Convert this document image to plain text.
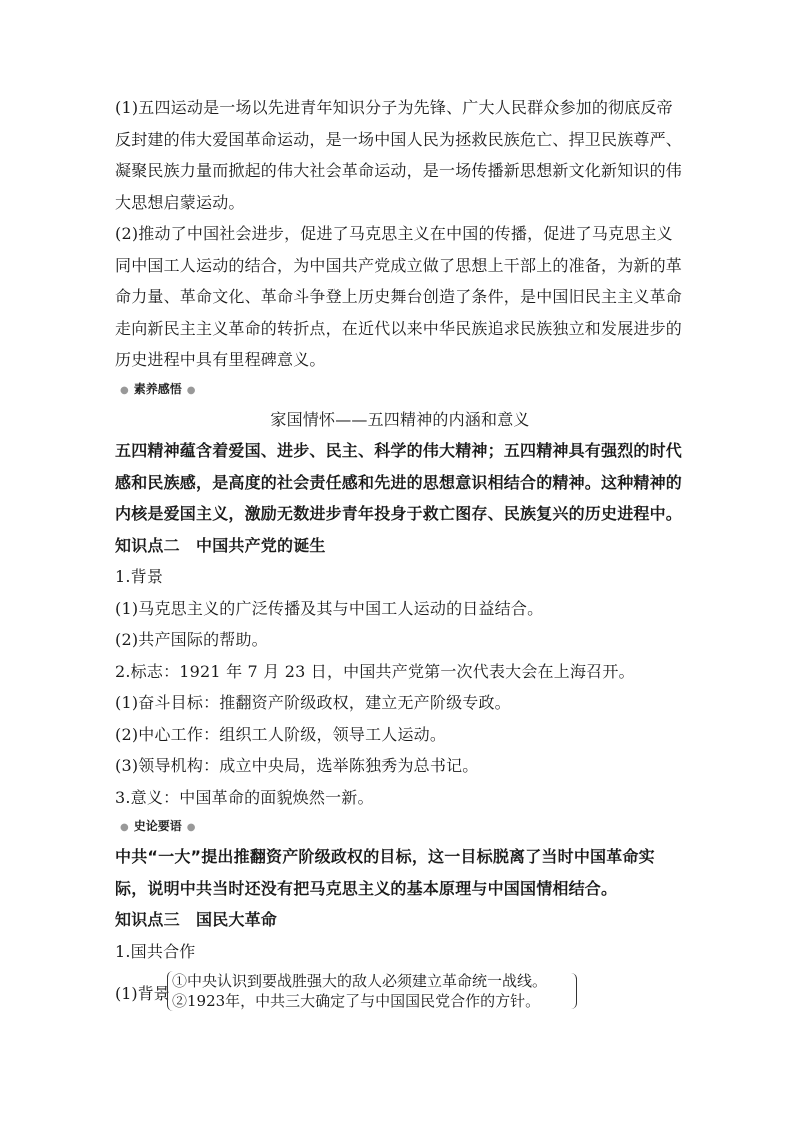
(1)五四运动是一场以先进青年知识分子为先锋、广大人民群众参加的彻底反帝反封建的伟大爱国革命运动，是一场中国人民为拯救民族危亡、捍卫民族尊严、凝聚民族力量而掀起的伟大社会革命运动，是一场传播新思想新文化新知识的伟大思想启蒙运动。

(2)推动了中国社会进步，促进了马克思主义在中国的传播，促进了马克思主义同中国工人运动的结合，为中国共产党成立做了思想上干部上的准备，为新的革命力量、革命文化、革命斗争登上历史舞台创造了条件，是中国旧民主主义革命走向新民主主义革命的转折点，在近代以来中华民族追求民族独立和发展进步的历史进程中具有里程碑意义。

● 素养感悟 ●

家国情怀——五四精神的内涵和意义

五四精神蕴含着爱国、进步、民主、科学的伟大精神；五四精神具有强烈的时代感和民族感，是高度的社会责任感和先进的思想意识相结合的精神。这种精神的内核是爱国主义，激励无数进步青年投身于救亡图存、民族复兴的历史进程中。

知识点二　中国共产党的诞生

1.背景

(1)马克思主义的广泛传播及其与中国工人运动的日益结合。

(2)共产国际的帮助。

2.标志：1921 年 7 月 23 日，中国共产党第一次代表大会在上海召开。

(1)奋斗目标：推翻资产阶级政权，建立无产阶级专政。

(2)中心工作：组织工人阶级，领导工人运动。

(3)领导机构：成立中央局，选举陈独秀为总书记。

3.意义：中国革命的面貌焕然一新。

● 史论要语 ●

中共“一大”提出推翻资产阶级政权的目标，这一目标脱离了当时中国革命实际，说明中共当时还没有把马克思主义的基本原理与中国国情相结合。

知识点三　国民大革命

1.国共合作

(1)背景
①中央认识到要战胜强大的敌人必须建立革命统一战线。
②1923年，中共三大确定了与中国国民党合作的方针。
